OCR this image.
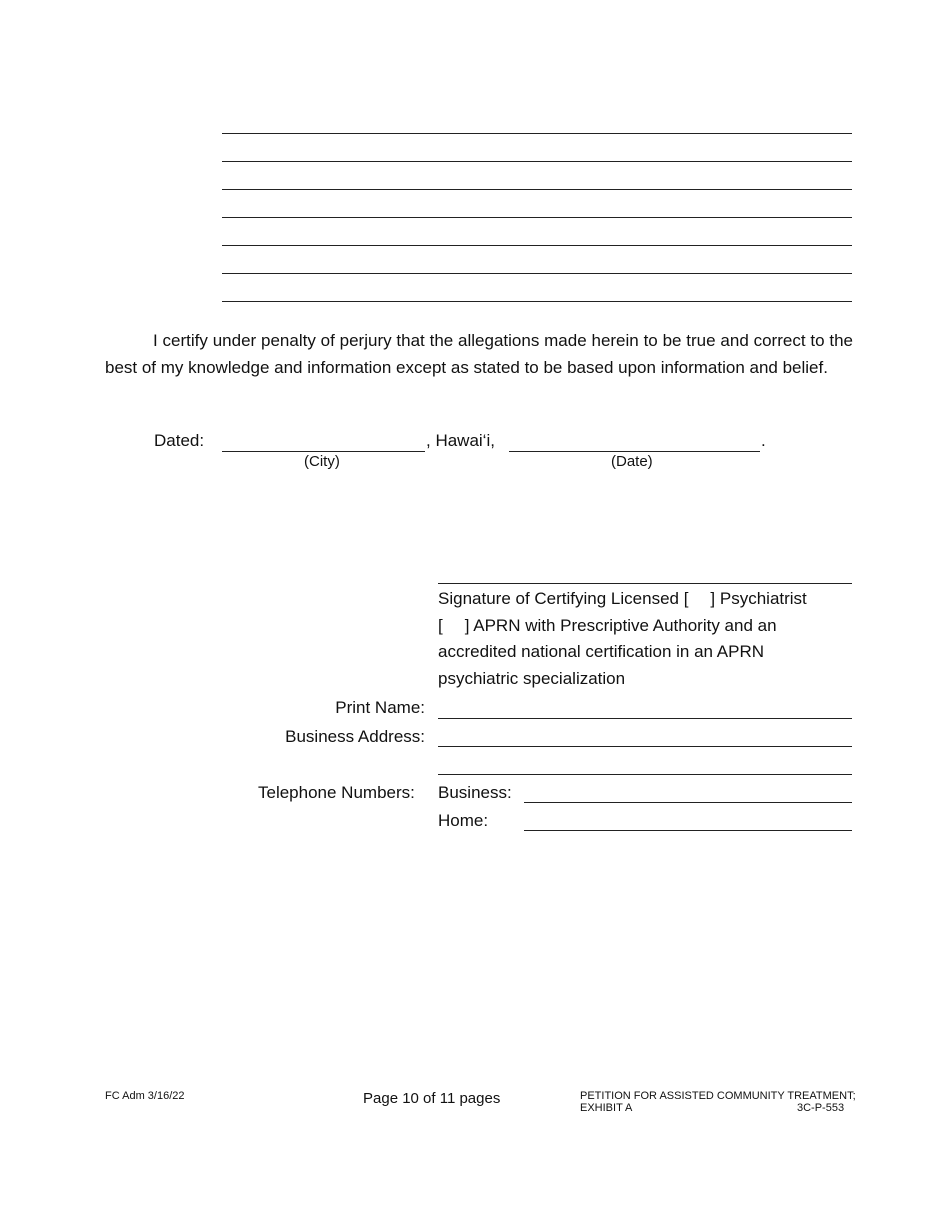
I certify under penalty of perjury that the allegations made herein to be true and correct to the best of my knowledge and information except as stated to be based upon information and belief.
Dated:	, Hawai‘i,	.
(City)	(Date)
Signature of Certifying Licensed [ ] Psychiatrist
[ ] APRN with Prescriptive Authority and an
accredited national certification in an APRN
psychiatric specialization
Print Name:
Business Address:
Telephone Numbers: Business:
Home:
FC Adm 3/16/22	Page 10 of 11 pages	PETITION FOR ASSISTED COMMUNITY TREATMENT;
EXHIBIT A	3C-P-553
